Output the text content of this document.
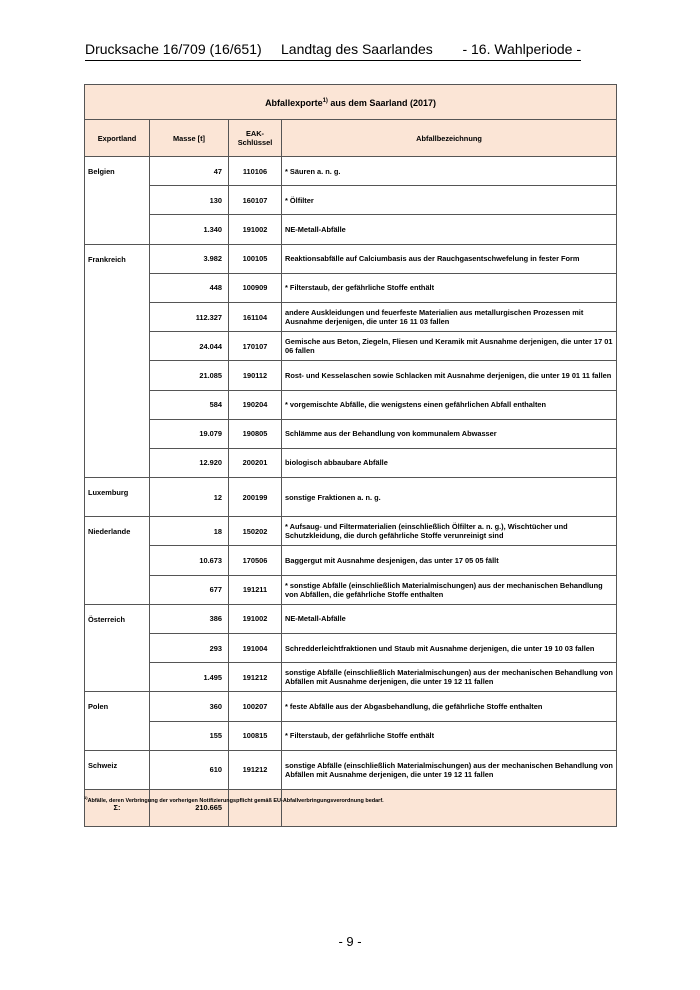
Drucksache 16/709 (16/651) Landtag des Saarlandes - 16. Wahlperiode -
Abfallexporte$^{1)}$ aus dem Saarland (2017)			
Exportland	Masse [t]	EAK-Schlüssel	Abfallbezeichnung
Belgien	47	110106	* Säuren a. n. g.
	130	160107	* Ölfilter
	1.340	191002	NE-Metall-Abfälle
Frankreich	3.982	100105	Reaktionsabfälle auf Calciumbasis aus der Rauchgasentschwefelung in fester Form
	448	100909	* Filterstaub, der gefährliche Stoffe enthält
	112.327	161104	andere Auskleidungen und feuerfeste Materialien aus metallurgischen Prozessen mit Ausnahme derjenigen, die unter 16 11 03 fallen
	24.044	170107	Gemische aus Beton, Ziegeln, Fliesen und Keramik mit Ausnahme derjenigen, die unter 17 01 06 fallen
	21.085	190112	Rost- und Kesselaschen sowie Schlacken mit Ausnahme derjenigen, die unter 19 01 11 fallen
	584	190204	* vorgemischte Abfälle, die wenigstens einen gefährlichen Abfall enthalten
	19.079	190805	Schlämme aus der Behandlung von kommunalem Abwasser
	12.920	200201	biologisch abbaubare Abfälle
Luxemburg	12	200199	sonstige Fraktionen a. n. g.
Niederlande	18	150202	* Aufsaug- und Filtermaterialien (einschließlich Ölfilter a. n. g.), Wischtücher und Schutzkleidung, die durch gefährliche Stoffe verunreinigt sind
	10.673	170506	Baggergut mit Ausnahme desjenigen, das unter 17 05 05 fällt
	677	191211	* sonstige Abfälle (einschließlich Materialmischungen) aus der mechanischen Behandlung von Abfällen, die gefährliche Stoffe enthalten
Österreich	386	191002	NE-Metall-Abfälle
	293	191004	Schredderleichtfraktionen und Staub mit Ausnahme derjenigen, die unter 19 10 03 fallen
	1.495	191212	sonstige Abfälle (einschließlich Materialmischungen) aus der mechanischen Behandlung von Abfällen mit Ausnahme derjenigen, die unter 19 12 11 fallen
Polen	360	100207	* feste Abfälle aus der Abgasbehandlung, die gefährliche Stoffe enthalten
	155	100815	* Filterstaub, der gefährliche Stoffe enthält
Schweiz	610	191212	sonstige Abfälle (einschließlich Materialmischungen) aus der mechanischen Behandlung von Abfällen mit Ausnahme derjenigen, die unter 19 12 11 fallen
Σ:	210.665		
$^{1)}$Abfälle, deren Verbringung der vorherigen Notifizierungspflicht gemäß EU-Abfallverbringungsverordnung bedarf.
- 9 -
